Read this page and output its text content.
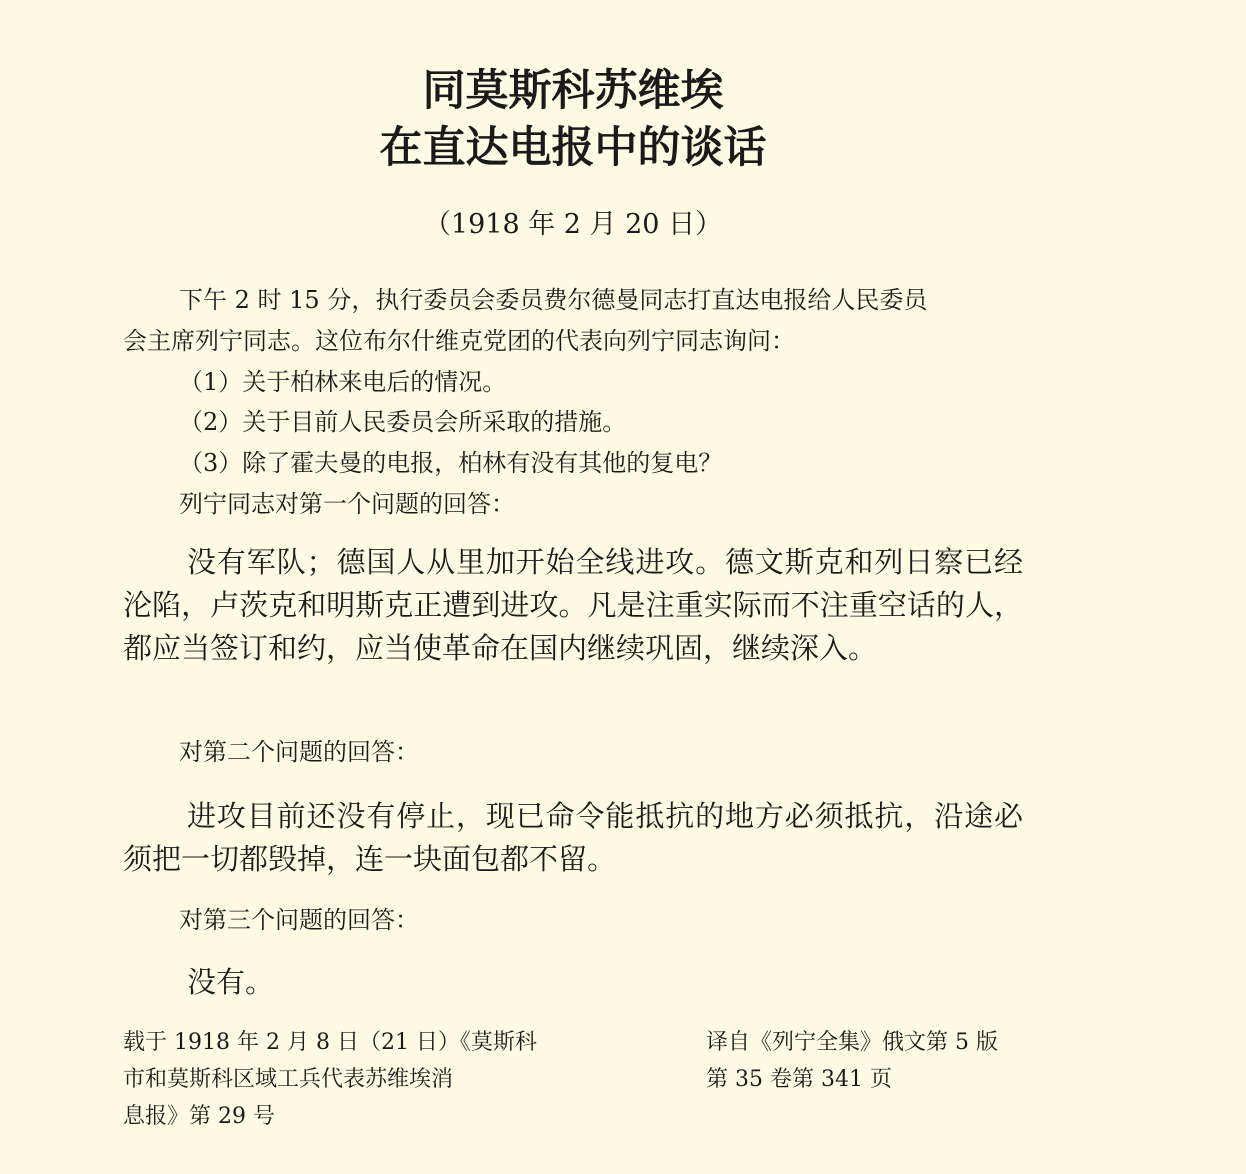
同莫斯科苏维埃
在直达电报中的谈话
（1918 年 2 月 20 日）

下午 2 时 15 分，执行委员会委员费尔德曼同志打直达电报给人民委员

会主席列宁同志。这位布尔什维克党团的代表向列宁同志询问：

（1）关于柏林来电后的情况。

（2）关于目前人民委员会所采取的措施。

（3）除了霍夫曼的电报，柏林有没有其他的复电？

列宁同志对第一个问题的回答：

没有军队；德国人从里加开始全线进攻。德文斯克和列日察已经沦陷，卢茨克和明斯克正遭到进攻。凡是注重实际而不注重空话的人，都应当签订和约，应当使革命在国内继续巩固，继续深入。

对第二个问题的回答：

进攻目前还没有停止，现已命令能抵抗的地方必须抵抗，沿途必须把一切都毁掉，连一块面包都不留。

对第三个问题的回答：

没有。

载于 1918 年 2 月 8 日（21 日）《莫斯科
市和莫斯科区域工兵代表苏维埃消
息报》第 29 号
译自《列宁全集》俄文第 5 版
第 35 卷第 341 页
